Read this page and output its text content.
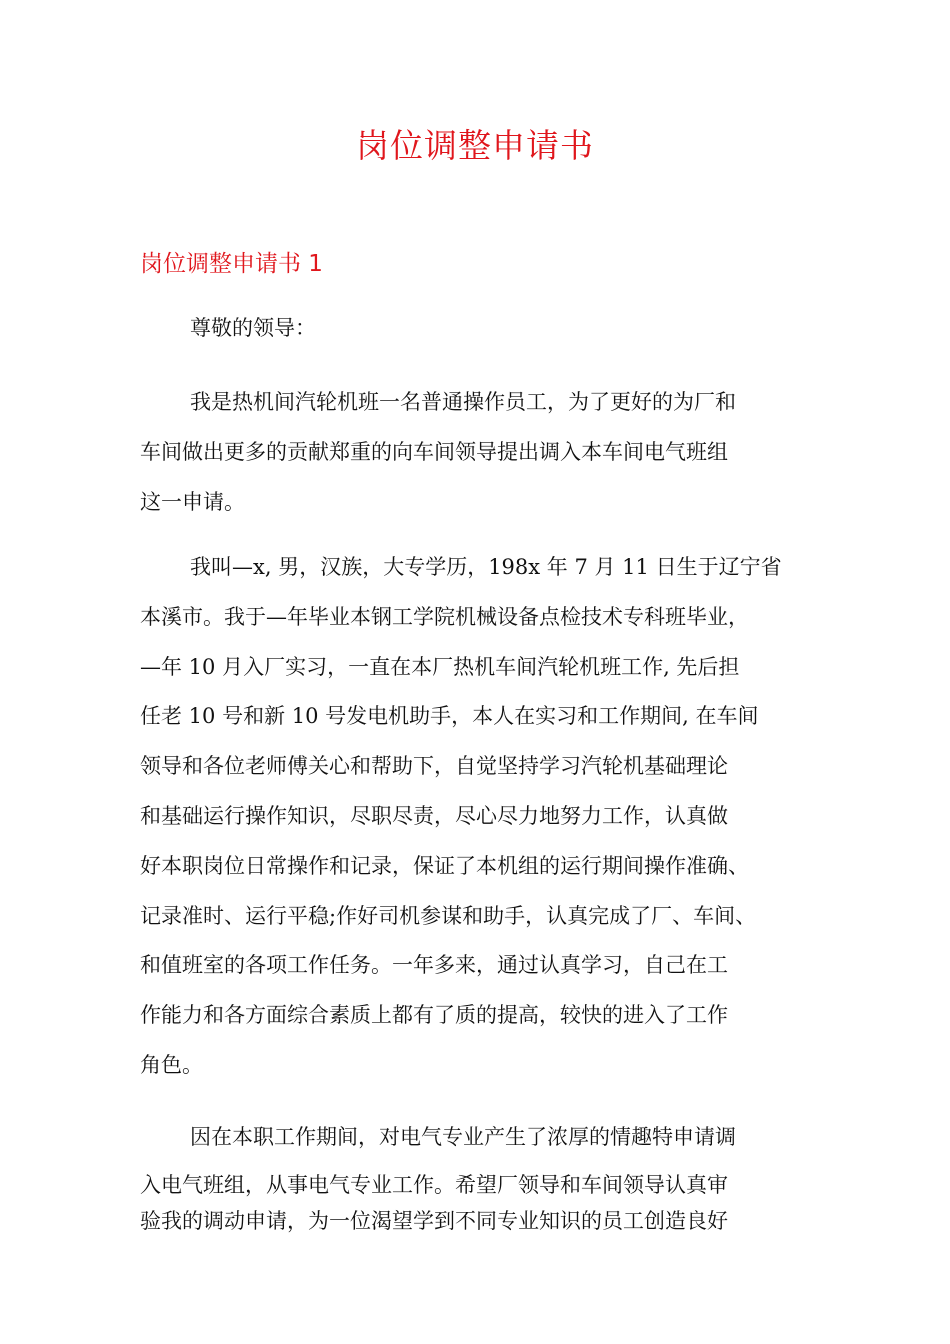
岗位调整申请书
岗位调整申请书 1

尊敬的领导：

我是热机间汽轮机班一名普通操作员工，为了更好的为厂和
车间做出更多的贡献郑重的向车间领导提出调入本车间电气班组
这一申请。

我叫—x, 男，汉族，大专学历，198x 年 7 月 11 日生于辽宁省
本溪市。我于—年毕业本钢工学院机械设备点检技术专科班毕业，
—年 10 月入厂实习，一直在本厂热机车间汽轮机班工作, 先后担
任老 10 号和新 10 号发电机助手，本人在实习和工作期间, 在车间
领导和各位老师傅关心和帮助下，自觉坚持学习汽轮机基础理论
和基础运行操作知识，尽职尽责，尽心尽力地努力工作，认真做
好本职岗位日常操作和记录，保证了本机组的运行期间操作准确、
记录准时、运行平稳;作好司机参谋和助手，认真完成了厂、车间、
和值班室的各项工作任务。一年多来，通过认真学习，自己在工
作能力和各方面综合素质上都有了质的提高，较快的进入了工作
角色。

因在本职工作期间，对电气专业产生了浓厚的情趣特申请调
入电气班组，从事电气专业工作。希望厂领导和车间领导认真审
验我的调动申请，为一位渴望学到不同专业知识的员工创造良好
